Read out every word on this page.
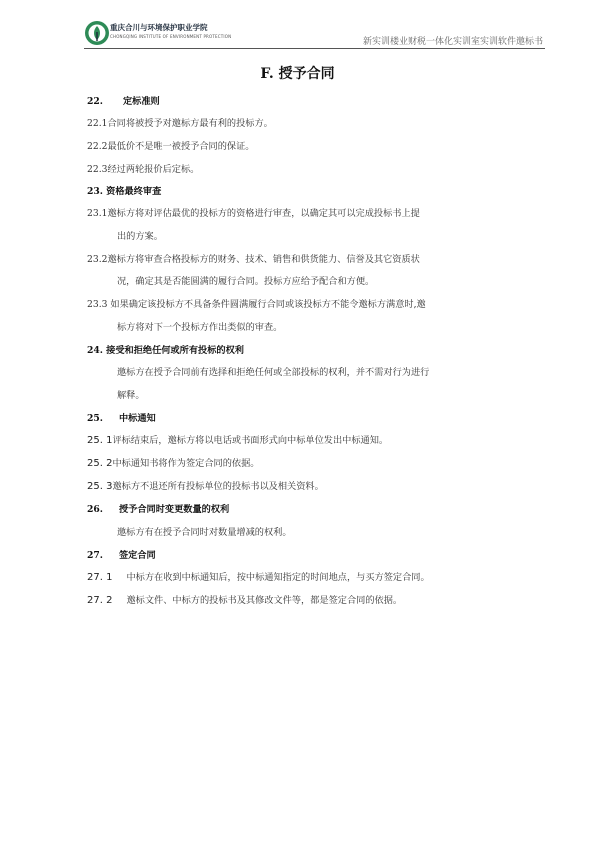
重庆合川与环境保护职业学院
CHONGQING INSTITUTE OF ENVIRONMENT PROTECTION
新实训楼业财税一体化实训室实训软件邀标书
F. 授予合同
22. 定标准则
22.1合同将被授予对邀标方最有利的投标方。
22.2最低价不是唯一被授予合同的保证。
22.3经过两轮报价后定标。
23. 资格最终审查
23.1邀标方将对评估最优的投标方的资格进行审查，以确定其可以完成投标书上提
出的方案。
23.2邀标方将审查合格投标方的财务、技术、销售和供货能力、信誉及其它资质状
况，确定其是否能圆满的履行合同。投标方应给予配合和方便。
23.3 如果确定该投标方不具备条件圆满履行合同或该投标方不能令邀标方满意时,邀
标方将对下一个投标方作出类似的审查。
24. 接受和拒绝任何或所有投标的权利
邀标方在授予合同前有选择和拒绝任何或全部投标的权利，并不需对行为进行
解释。
25. 中标通知
25. 1评标结束后，邀标方将以电话或书面形式向中标单位发出中标通知。
25. 2中标通知书将作为签定合同的依据。
25. 3邀标方不退还所有投标单位的投标书以及相关资料。
26. 授予合同时变更数量的权利
邀标方有在授予合同时对数量增减的权利。
27. 签定合同
27. 1 中标方在收到中标通知后，按中标通知指定的时间地点，与买方签定合同。
27. 2 邀标文件、中标方的投标书及其修改文件等，都是签定合同的依据。
